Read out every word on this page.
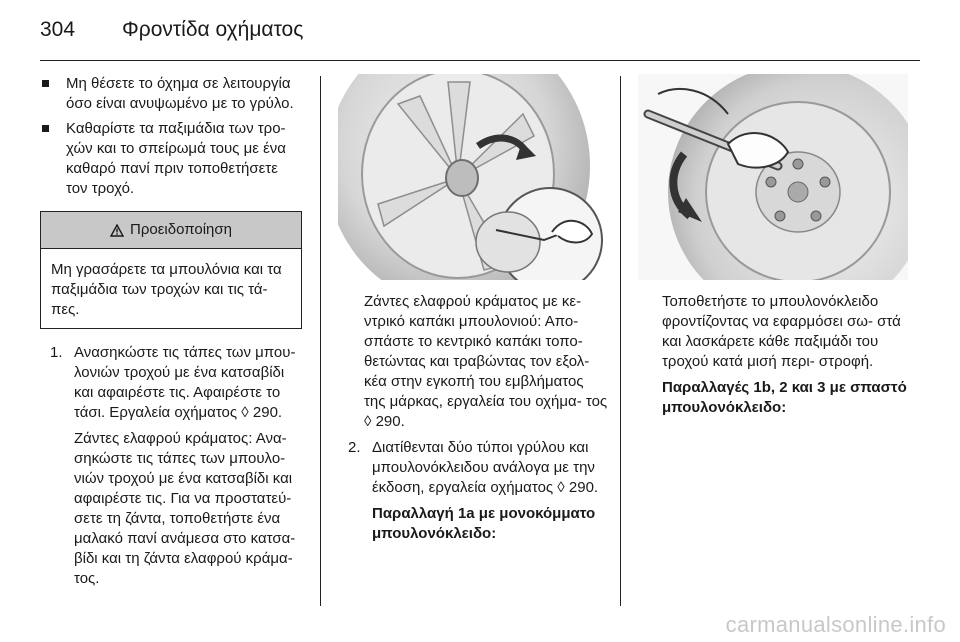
304	Φροντίδα οχήματος
Μη θέσετε το όχημα σε λειτουργία όσο είναι ανυψωμένο με το γρύλο.
Καθαρίστε τα παξιμάδια των τρο- χών και το σπείρωμά τους με ένα καθαρό πανί πριν τοποθετήσετε τον τροχό.
Προειδοποίηση
Μη γρασάρετε τα μπουλόνια και τα παξιμάδια των τροχών και τις τά- πες.
1. Ανασηκώστε τις τάπες των μπου- λονιών τροχού με ένα κατσαβίδι και αφαιρέστε τις. Αφαιρέστε το τάσι. Εργαλεία οχήματος ◊ 290.
Ζάντες ελαφρού κράματος: Ανα- σηκώστε τις τάπες των μπουλο- νιών τροχού με ένα κατσαβίδι και αφαιρέστε τις. Για να προστατεύ- σετε τη ζάντα, τοποθετήστε ένα μαλακό πανί ανάμεσα στο κατσα- βίδι και τη ζάντα ελαφρού κράμα- τος.
Ζάντες ελαφρού κράματος με κε- ντρικό καπάκι μπουλονιού: Απο- σπάστε το κεντρικό καπάκι τοπο- θετώντας και τραβώντας τον εξολ- κέα στην εγκοπή του εμβλήματος της μάρκας, εργαλεία του οχήμα- τος ◊ 290.
2. Διατίθενται δύο τύποι γρύλου και μπουλονόκλειδου ανάλογα με την έκδοση, εργαλεία οχήματος ◊ 290.
Παραλλαγή 1a με μονοκόμματο μπουλονόκλειδο:
Τοποθετήστε το μπουλονόκλειδο φροντίζοντας να εφαρμόσει σω- στά και λασκάρετε κάθε παξιμάδι του τροχού κατά μισή περι- στροφή.
Παραλλαγές 1b, 2 και 3 με σπαστό μπουλονόκλειδο:
carmanualsonline.info
